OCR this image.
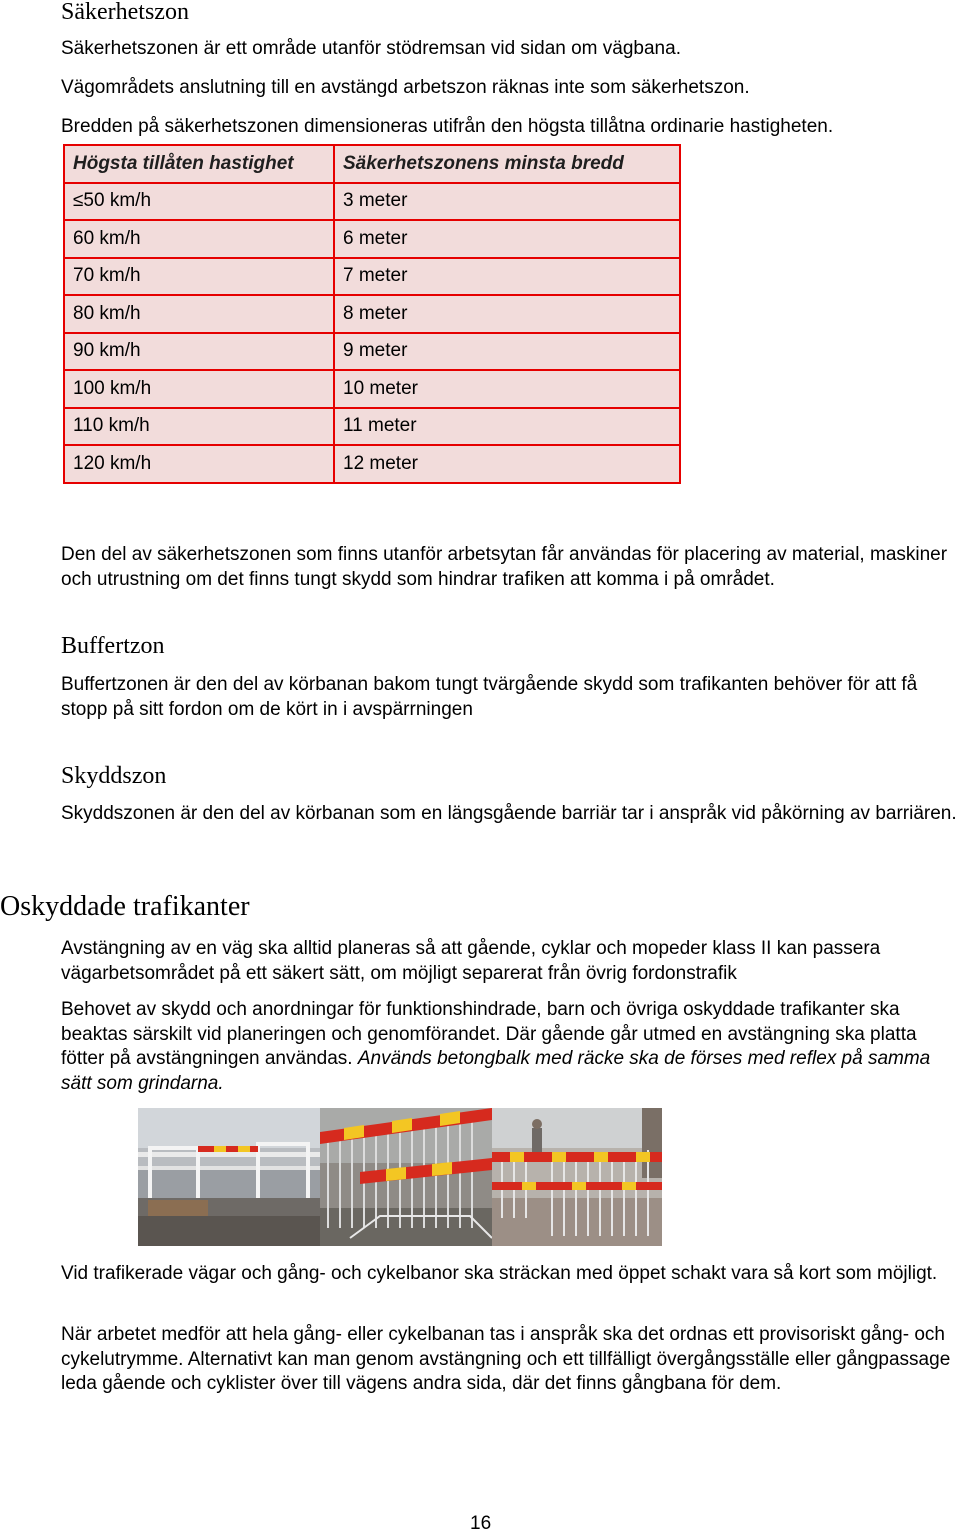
Säkerhetszon
Säkerhetszonen är ett område utanför stödremsan vid sidan om vägbana.
Vägområdets anslutning till en avstängd arbetszon räknas inte som säkerhetszon.
Bredden på säkerhetszonen dimensioneras utifrån den högsta tillåtna ordinarie hastigheten.
Högsta tillåten hastighet	Säkerhetszonens minsta bredd
≤50 km/h	3 meter
60 km/h	6 meter
70 km/h	7 meter
80 km/h	8 meter
90 km/h	9 meter
100 km/h	10 meter
110 km/h	11 meter
120 km/h	12 meter
Den del av säkerhetszonen som finns utanför arbetsytan får användas för placering av material, maskiner och utrustning om det finns tungt skydd som hindrar trafiken att komma i på området.
Buffertzon
Buffertzonen är den del av körbanan bakom tungt tvärgående skydd som trafikanten behöver för att få stopp på sitt fordon om de kört in i avspärrningen
Skyddszon
Skyddszonen är den del av körbanan som en längsgående barriär tar i anspråk vid påkörning av barriären.
Oskyddade trafikanter
Avstängning av en väg ska alltid planeras så att gående, cyklar och mopeder klass II kan passera vägarbetsområdet på ett säkert sätt, om möjligt separerat från övrig fordonstrafik
Behovet av skydd och anordningar för funktionshindrade, barn och övriga oskyddade trafikanter ska beaktas särskilt vid planeringen och genomförandet. Där gående går utmed en avstängning ska platta fötter på avstängningen användas. Används betongbalk med räcke ska de förses med reflex på samma sätt som grindarna.
Vid trafikerade vägar och gång- och cykelbanor ska sträckan med öppet schakt vara så kort som möjligt.
När arbetet medför att hela gång- eller cykelbanan tas i anspråk ska det ordnas ett provisoriskt gång- och cykelutrymme. Alternativt kan man genom avstängning och ett tillfälligt övergångsställe eller gångpassage leda gående och cyklister över till vägens andra sida, där det finns gångbana för dem.
16
